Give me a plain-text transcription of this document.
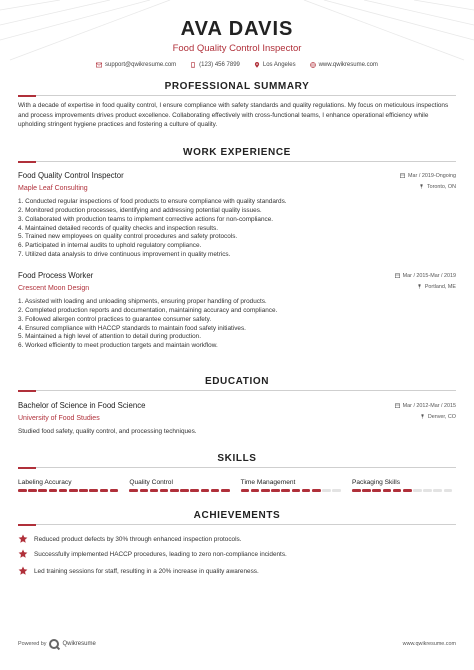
AVA DAVIS
Food Quality Control Inspector
support@qwikresume.com	(123) 456 7899	Los Angeles	www.qwikresume.com
PROFESSIONAL SUMMARY
With a decade of expertise in food quality control, I ensure compliance with safety standards and quality regulations. My focus on meticulous inspections and process improvements drives product excellence. Collaborating effectively with cross-functional teams, I enhance operational efficiency while upholding stringent hygiene practices and fostering a culture of quality.
WORK EXPERIENCE
Food Quality Control Inspector
Maple Leaf Consulting
Mar / 2019-Ongoing
Toronto, ON
1. Conducted regular inspections of food products to ensure compliance with quality standards.
2. Monitored production processes, identifying and addressing potential quality issues.
3. Collaborated with production teams to implement corrective actions for non-compliance.
4. Maintained detailed records of quality checks and inspection results.
5. Trained new employees on quality control procedures and safety protocols.
6. Participated in internal audits to uphold regulatory compliance.
7. Utilized data analysis to drive continuous improvement in quality metrics.
Food Process Worker
Crescent Moon Design
Mar / 2015-Mar / 2019
Portland, ME
1. Assisted with loading and unloading shipments, ensuring proper handling of products.
2. Completed production reports and documentation, maintaining accuracy and compliance.
3. Followed allergen control practices to guarantee consumer safety.
4. Ensured compliance with HACCP standards to maintain food safety initiatives.
5. Maintained a high level of attention to detail during production.
6. Worked efficiently to meet production targets and maintain workflow.
EDUCATION
Bachelor of Science in Food Science
University of Food Studies
Mar / 2012-Mar / 2015
Denver, CO
Studied food safety, quality control, and processing techniques.
SKILLS
Labeling Accuracy	Quality Control	Time Management	Packaging Skills
ACHIEVEMENTS
Reduced product defects by 30% through enhanced inspection protocols.
Successfully implemented HACCP procedures, leading to zero non-compliance incidents.
Led training sessions for staff, resulting in a 20% increase in quality awareness.
Powered by	Qwikresume	www.qwikresume.com
